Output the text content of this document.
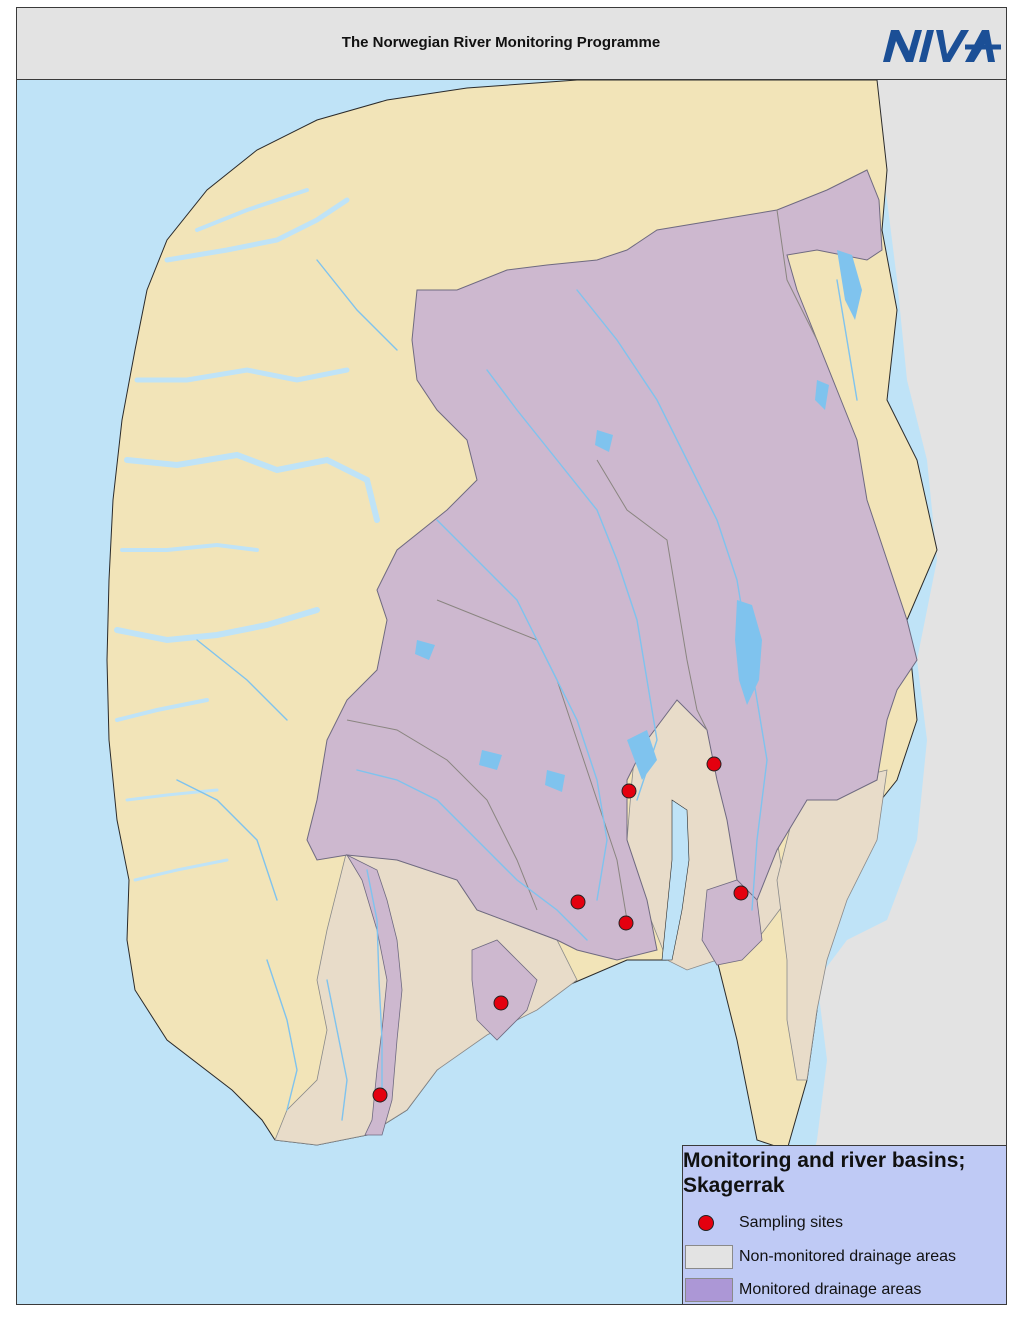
The Norwegian River Monitoring Programme
Monitoring and river basins;
Skagerrak
Sampling sites
Non-monitored drainage areas
Monitored drainage areas
